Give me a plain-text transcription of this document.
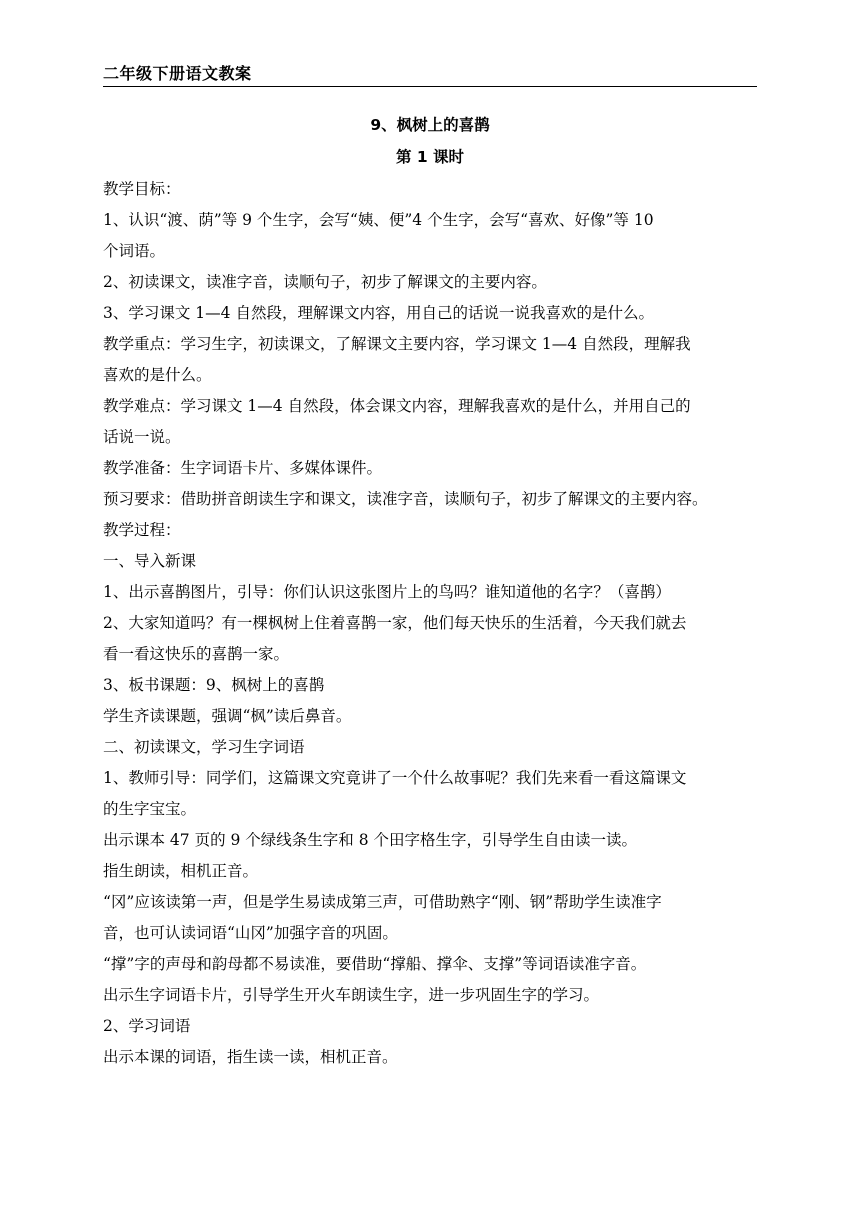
二年级下册语文教案
9、枫树上的喜鹊
第 1 课时
教学目标：
1、认识“渡、荫”等 9 个生字，会写“姨、便”4 个生字，会写“喜欢、好像”等 10
个词语。
2、初读课文，读准字音，读顺句子，初步了解课文的主要内容。
3、学习课文 1—4 自然段，理解课文内容，用自己的话说一说我喜欢的是什么。
教学重点：学习生字，初读课文，了解课文主要内容，学习课文 1—4 自然段，理解我
喜欢的是什么。
教学难点：学习课文 1—4 自然段，体会课文内容，理解我喜欢的是什么，并用自己的
话说一说。
教学准备：生字词语卡片、多媒体课件。
预习要求：借助拼音朗读生字和课文，读准字音，读顺句子，初步了解课文的主要内容。
教学过程：
一、导入新课
1、出示喜鹊图片，引导：你们认识这张图片上的鸟吗？谁知道他的名字？（喜鹊）
2、大家知道吗？有一棵枫树上住着喜鹊一家，他们每天快乐的生活着，今天我们就去
看一看这快乐的喜鹊一家。
3、板书课题：9、枫树上的喜鹊
学生齐读课题，强调“枫”读后鼻音。
二、初读课文，学习生字词语
1、教师引导：同学们，这篇课文究竟讲了一个什么故事呢？我们先来看一看这篇课文
的生字宝宝。
出示课本 47 页的 9 个绿线条生字和 8 个田字格生字，引导学生自由读一读。
指生朗读，相机正音。
“冈”应该读第一声，但是学生易读成第三声，可借助熟字“刚、钢”帮助学生读准字
音，也可认读词语“山冈”加强字音的巩固。
“撑”字的声母和韵母都不易读准，要借助“撑船、撑伞、支撑”等词语读准字音。
出示生字词语卡片，引导学生开火车朗读生字，进一步巩固生字的学习。
2、学习词语
出示本课的词语，指生读一读，相机正音。
